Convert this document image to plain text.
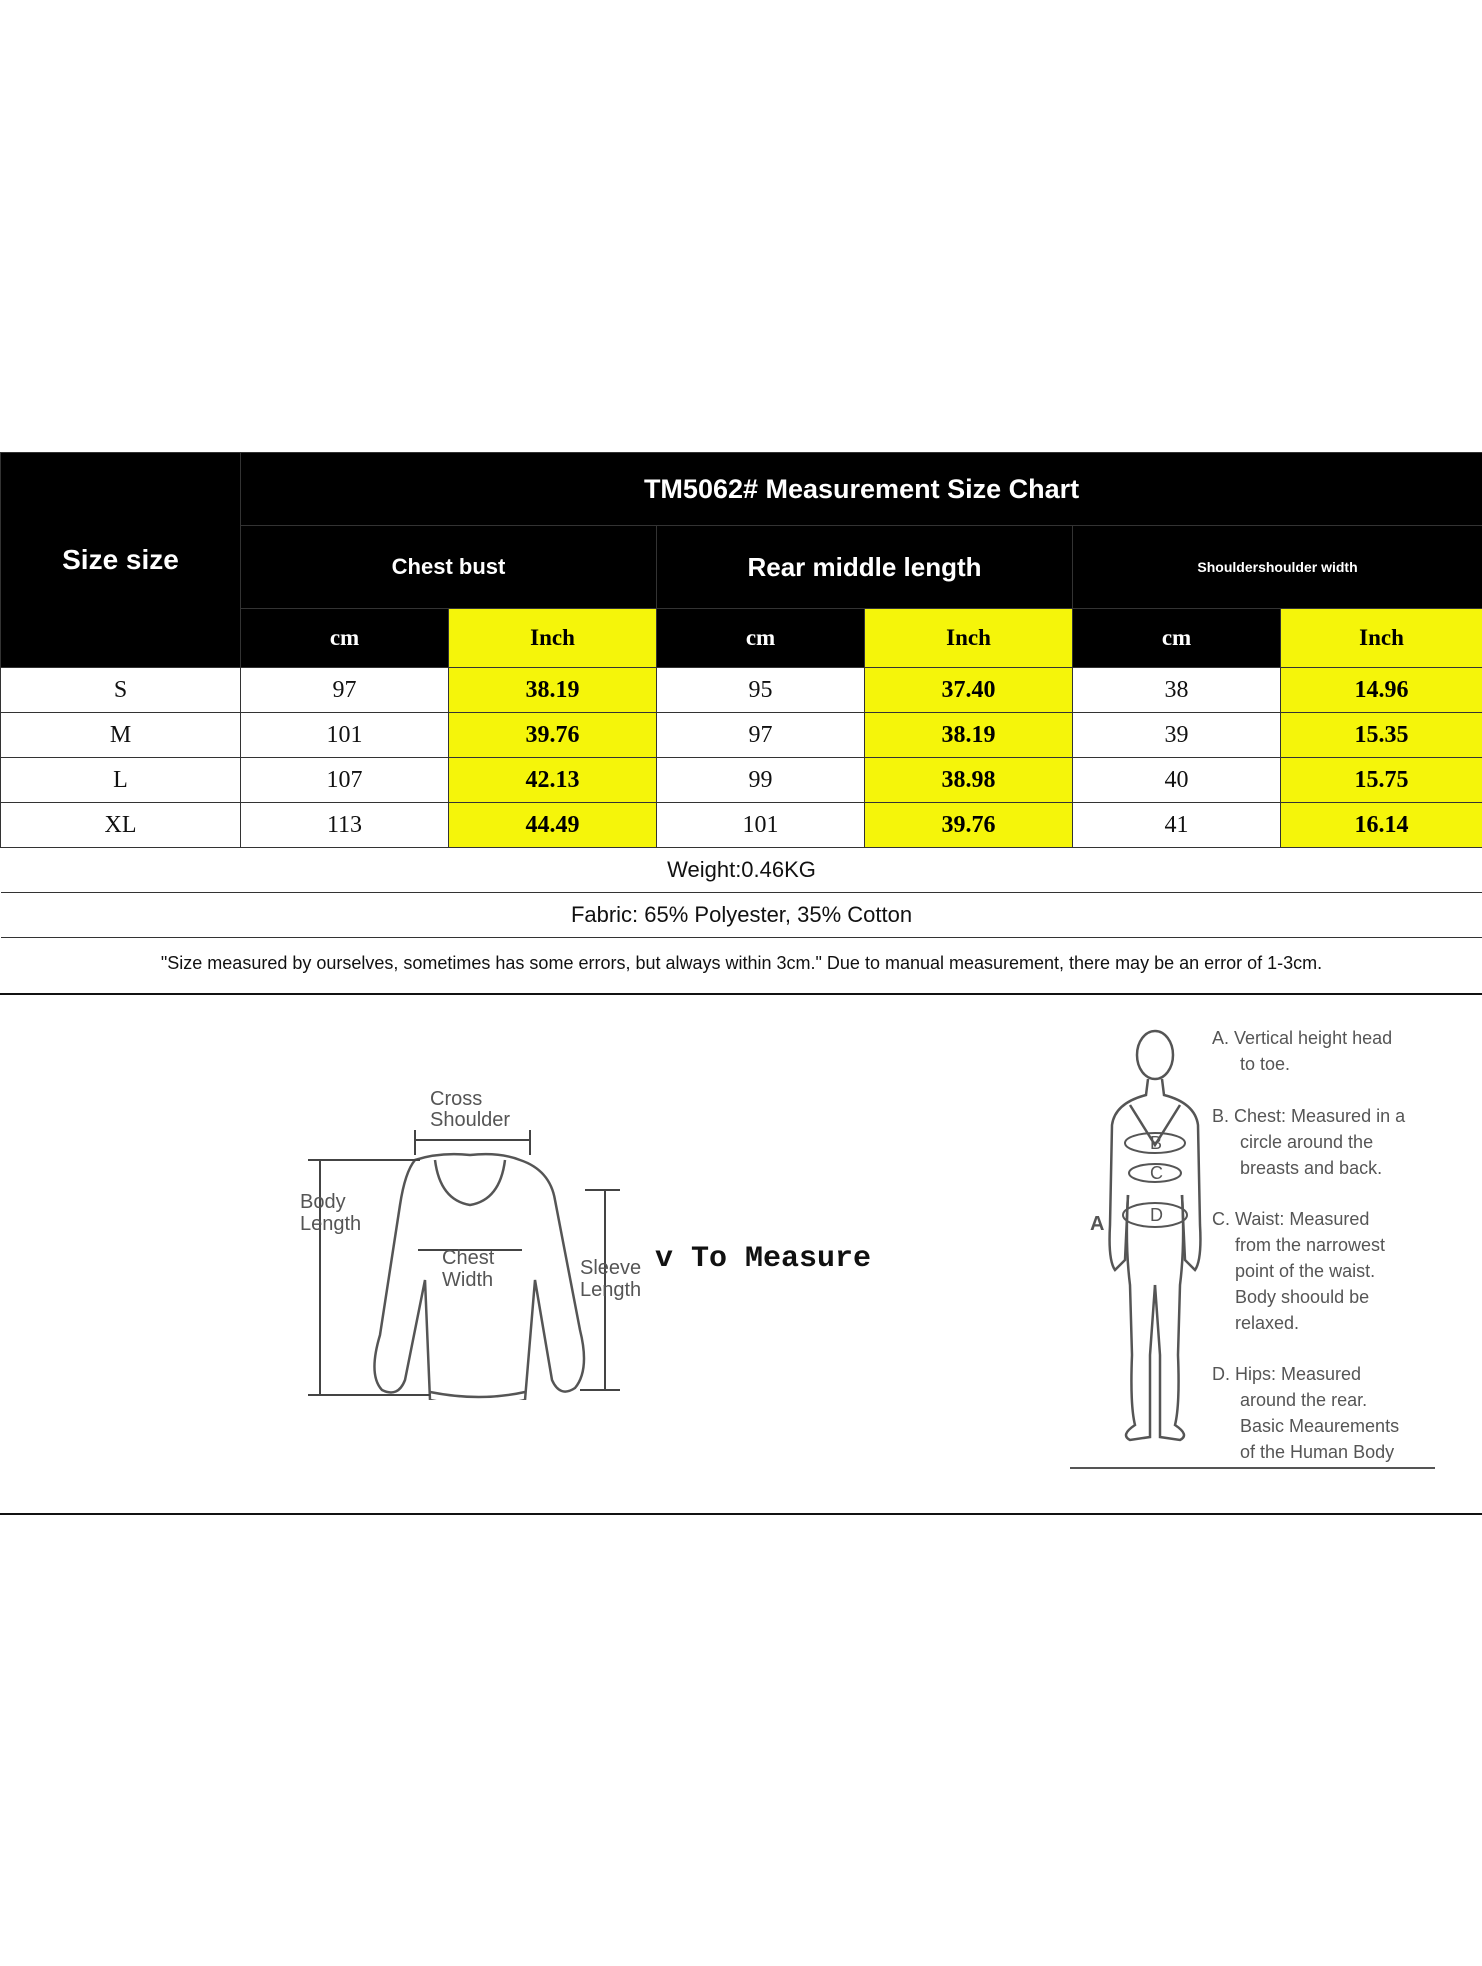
Size size	TM5062# Measurement Size Chart					
	Chest bust		Rear middle length		Shouldershoulder width	
	cm	Inch	cm	Inch	cm	Inch
S	97	38.19	95	37.40	38	14.96
M	101	39.76	97	38.19	39	15.35
L	107	42.13	99	38.98	40	15.75
XL	113	44.49	101	39.76	41	16.14
Weight:0.46KG						
Fabric: 65% Polyester, 35% Cotton						
"Size measured by ourselves, sometimes has some errors, but always within 3cm." Due to manual measurement, there may be an error of 1-3cm.						
Cross
Shoulder
Body
Length
Chest
Width
Sleeve
Length
v To Measure
B
C
D
A
A. Vertical height head
to toe.
B. Chest: Measured in a
circle around the
breasts and back.
C. Waist: Measured
from the narrowest
point of the waist.
Body shoould be
relaxed.
D. Hips: Measured
around the rear.
Basic Meaurements
of the Human Body
